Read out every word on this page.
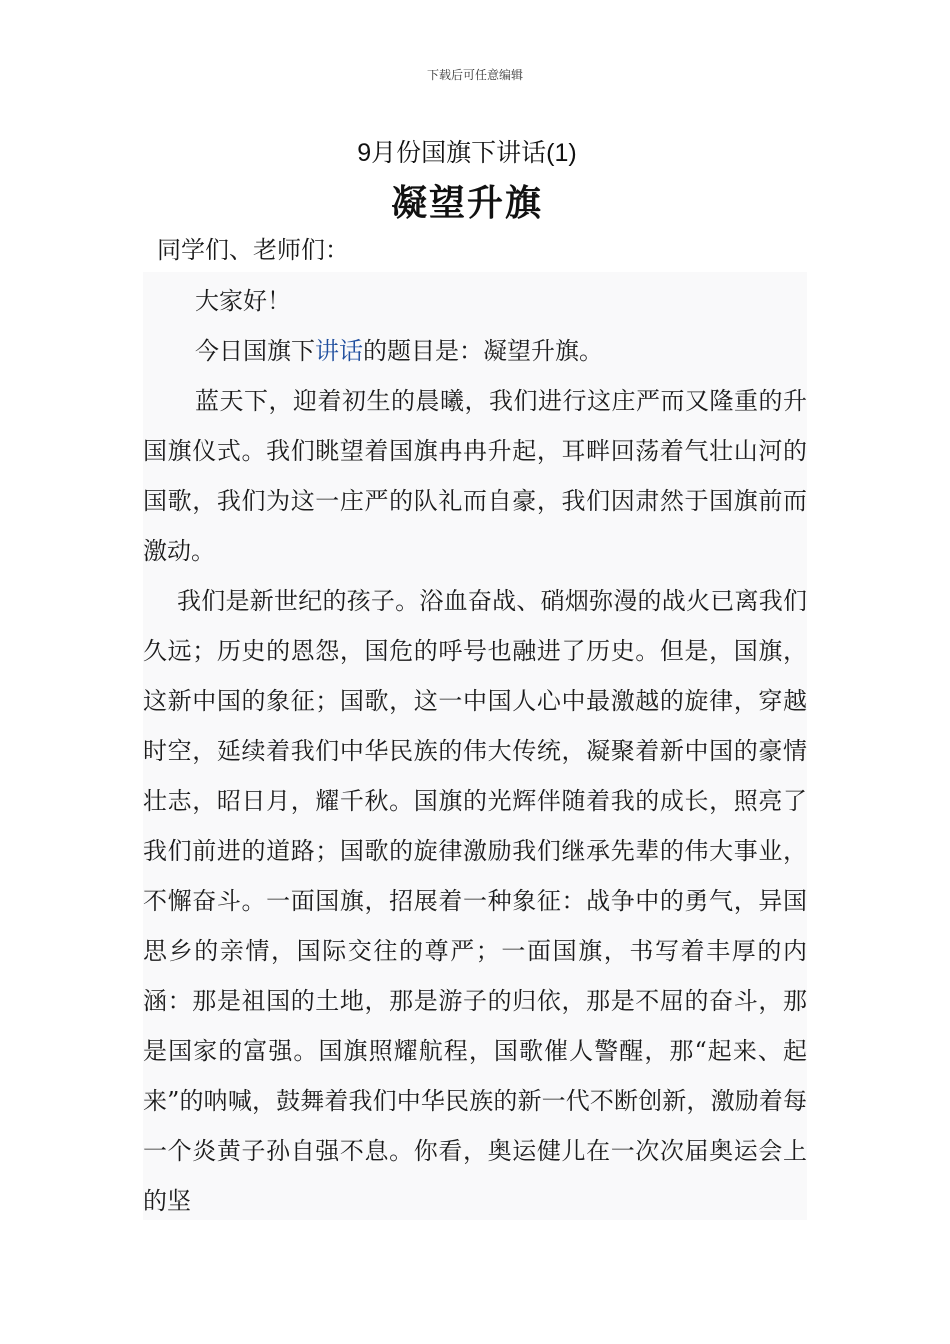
下载后可任意编辑
9月份国旗下讲话(1)
凝望升旗
同学们、老师们：

大家好！

今日国旗下讲话的题目是：凝望升旗。

蓝天下，迎着初生的晨曦，我们进行这庄严而又隆重的升国旗仪式。我们眺望着国旗冉冉升起，耳畔回荡着气壮山河的国歌，我们为这一庄严的队礼而自豪，我们因肃然于国旗前而激动。

我们是新世纪的孩子。浴血奋战、硝烟弥漫的战火已离我们久远；历史的恩怨，国危的呼号也融进了历史。但是，国旗，这新中国的象征；国歌，这一中国人心中最激越的旋律，穿越时空，延续着我们中华民族的伟大传统，凝聚着新中国的豪情壮志，昭日月，耀千秋。国旗的光辉伴随着我的成长，照亮了我们前进的道路；国歌的旋律激励我们继承先辈的伟大事业，不懈奋斗。一面国旗，招展着一种象征：战争中的勇气，异国思乡的亲情，国际交往的尊严；一面国旗，书写着丰厚的内涵：那是祖国的土地，那是游子的归依，那是不屈的奋斗，那是国家的富强。国旗照耀航程，国歌催人警醒，那“起来、起来”的呐喊，鼓舞着我们中华民族的新一代不断创新，激励着每一个炎黄子孙自强不息。你看，奥运健儿在一次次届奥运会上的坚
